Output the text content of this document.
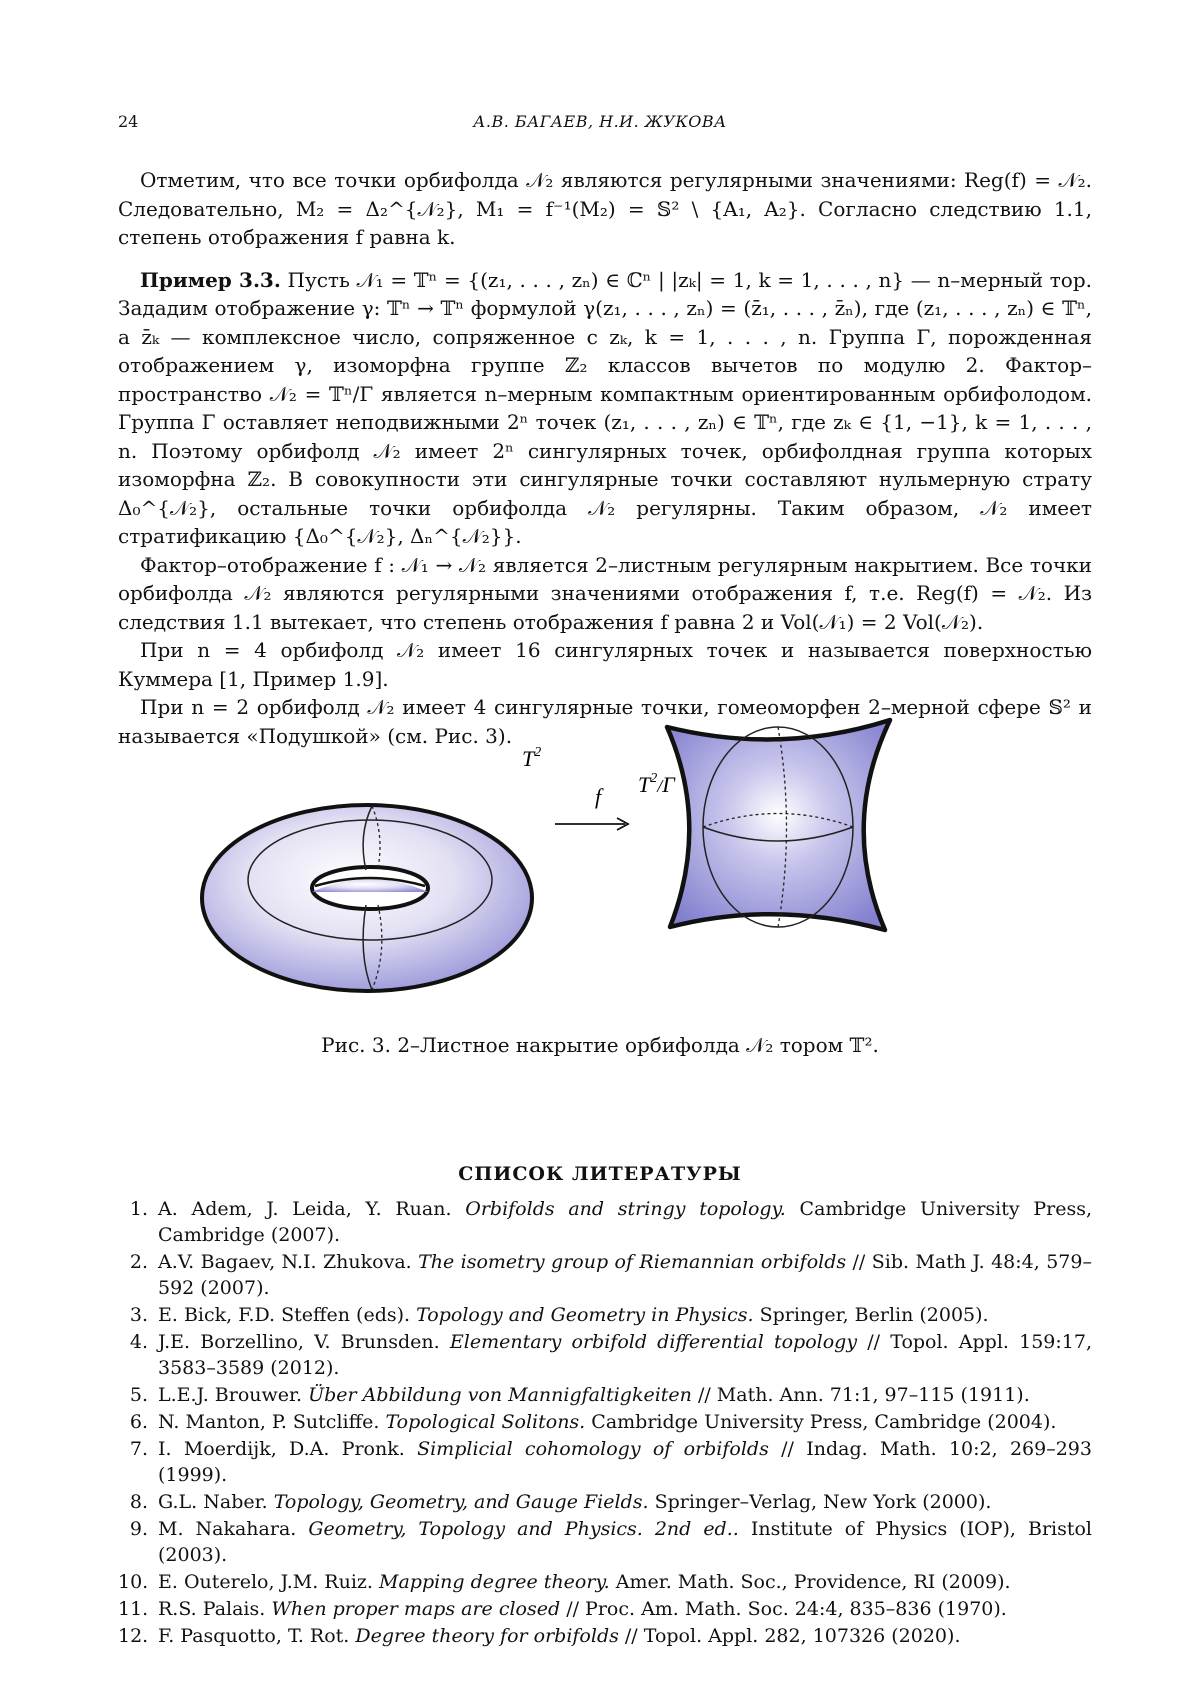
24	А.В. БАГАЕВ, Н.И. ЖУКОВА

Отметим, что все точки орбифолда 𝒩₂ являются регулярными значениями: Reg(f) = 𝒩₂. Следовательно, M₂ = Δ₂^{𝒩₂}, M₁ = f⁻¹(M₂) = 𝕊² \ {A₁, A₂}. Согласно следствию 1.1, степень отображения f равна k.

Пример 3.3. Пусть 𝒩₁ = 𝕋ⁿ = {(z₁, . . . , zₙ) ∈ ℂⁿ | |zₖ| = 1, k = 1, . . . , n} — n–мерный тор. Зададим отображение γ: 𝕋ⁿ → 𝕋ⁿ формулой γ(z₁, . . . , zₙ) = (z̄₁, . . . , z̄ₙ), где (z₁, . . . , zₙ) ∈ 𝕋ⁿ, а z̄ₖ — комплексное число, сопряженное с zₖ, k = 1, . . . , n. Группа Γ, порожденная отображением γ, изоморфна группе ℤ₂ классов вычетов по модулю 2. Фактор–пространство 𝒩₂ = 𝕋ⁿ/Γ является n–мерным компактным ориентированным орбифолодом. Группа Γ оставляет неподвижными 2ⁿ точек (z₁, . . . , zₙ) ∈ 𝕋ⁿ, где zₖ ∈ {1, −1}, k = 1, . . . , n. Поэтому орбифолд 𝒩₂ имеет 2ⁿ сингулярных точек, орбифолдная группа которых изоморфна ℤ₂. В совокупности эти сингулярные точки составляют нульмерную страту Δ₀^{𝒩₂}, остальные точки орбифолда 𝒩₂ регулярны. Таким образом, 𝒩₂ имеет стратификацию {Δ₀^{𝒩₂}, Δₙ^{𝒩₂}}.

Фактор–отображение f : 𝒩₁ → 𝒩₂ является 2–листным регулярным накрытием. Все точки орбифолда 𝒩₂ являются регулярными значениями отображения f, т.е. Reg(f) = 𝒩₂. Из следствия 1.1 вытекает, что степень отображения f равна 2 и Vol(𝒩₁) = 2 Vol(𝒩₂).

При n = 4 орбифолд 𝒩₂ имеет 16 сингулярных точек и называется поверхностью Куммера [1, Пример 1.9].

При n = 2 орбифолд 𝒩₂ имеет 4 сингулярные точки, гомеоморфен 2–мерной сфере 𝕊² и называется «Подушкой» (см. Рис. 3).

$T^2$
f $T^2_/\Gamma$
Рис. 3. 2–Листное накрытие орбифолда 𝒩₂ тором 𝕋².
СПИСОК ЛИТЕРАТУРЫ
1. A. Adem, J. Leida, Y. Ruan. Orbifolds and stringy topology. Cambridge University Press, Cambridge (2007).
2. A.V. Bagaev, N.I. Zhukova. The isometry group of Riemannian orbifolds // Sib. Math J. 48:4, 579–592 (2007).
3. E. Bick, F.D. Steffen (eds). Topology and Geometry in Physics. Springer, Berlin (2005).
4. J.E. Borzellino, V. Brunsden. Elementary orbifold differential topology // Topol. Appl. 159:17, 3583–3589 (2012).
5. L.E.J. Brouwer. Über Abbildung von Mannigfaltigkeiten // Math. Ann. 71:1, 97–115 (1911).
6. N. Manton, P. Sutcliffe. Topological Solitons. Cambridge University Press, Cambridge (2004).
7. I. Moerdijk, D.A. Pronk. Simplicial cohomology of orbifolds // Indag. Math. 10:2, 269–293 (1999).
8. G.L. Naber. Topology, Geometry, and Gauge Fields. Springer–Verlag, New York (2000).
9. M. Nakahara. Geometry, Topology and Physics. 2nd ed.. Institute of Physics (IOP), Bristol (2003).
10. E. Outerelo, J.M. Ruiz. Mapping degree theory. Amer. Math. Soc., Providence, RI (2009).
11. R.S. Palais. When proper maps are closed // Proc. Am. Math. Soc. 24:4, 835–836 (1970).
12. F. Pasquotto, T. Rot. Degree theory for orbifolds // Topol. Appl. 282, 107326 (2020).
